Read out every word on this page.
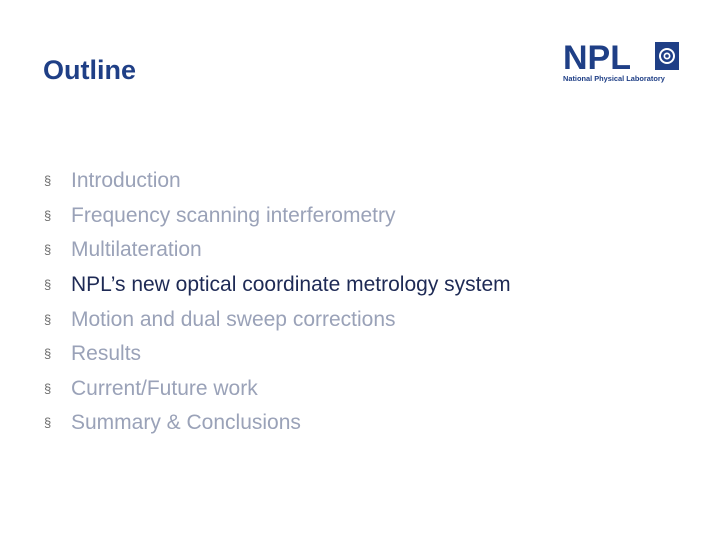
Outline	NPL
National Physical Laboratory
§ Introduction
§ Frequency scanning interferometry
§ Multilateration
§ NPL’s new optical coordinate metrology system
§ Motion and dual sweep corrections
§ Results
§ Current/Future work
§ Summary & Conclusions
